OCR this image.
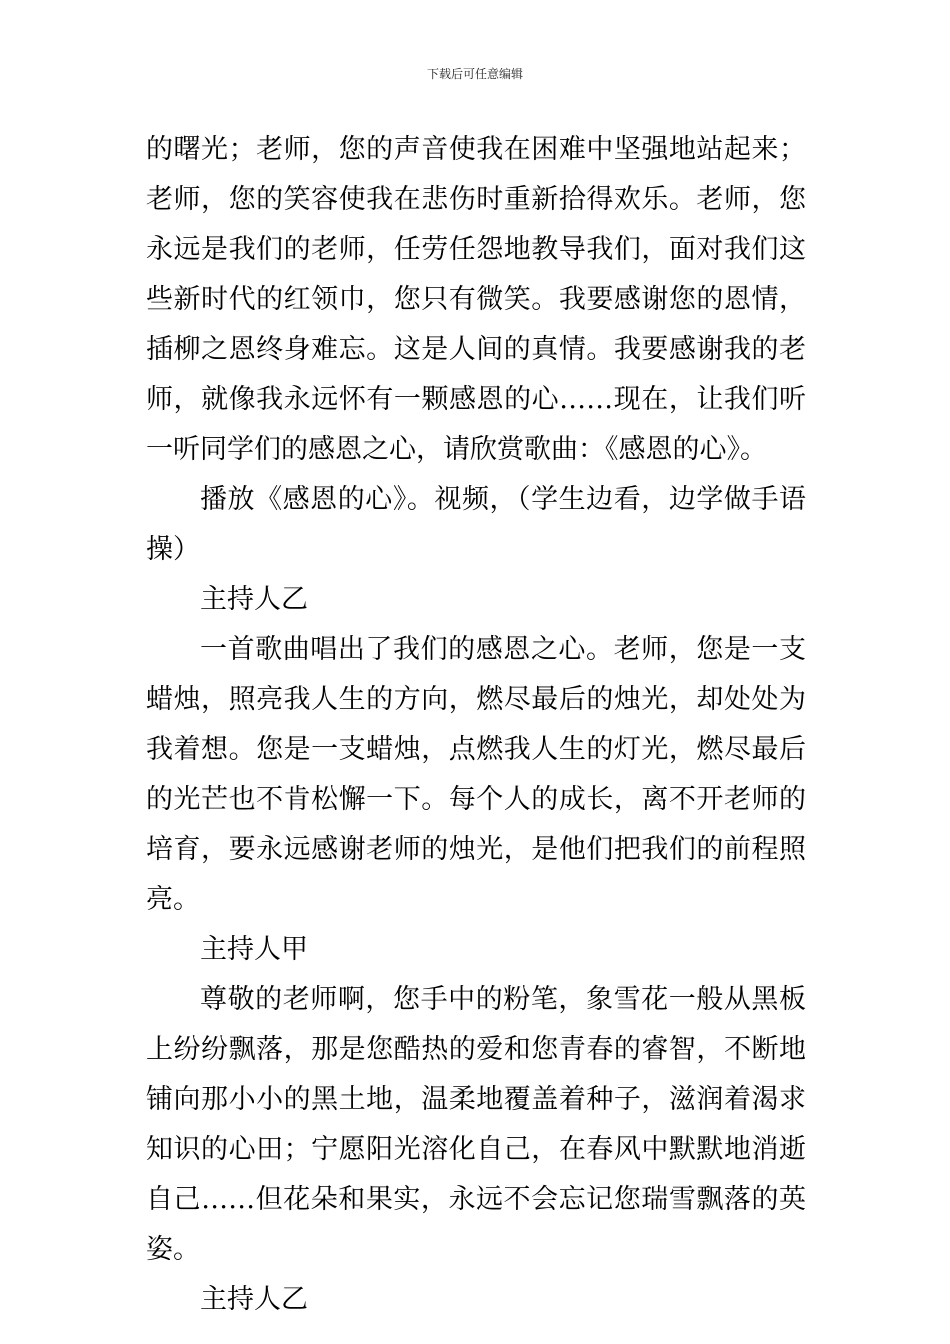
下载后可任意编辑

的曙光；老师，您的声音使我在困难中坚强地站起来；老师，您的笑容使我在悲伤时重新拾得欢乐。老师，您永远是我们的老师，任劳任怨地教导我们，面对我们这些新时代的红领巾，您只有微笑。我要感谢您的恩情，插柳之恩终身难忘。这是人间的真情。我要感谢我的老师，就像我永远怀有一颗感恩的心……现在，让我们听一听同学们的感恩之心，请欣赏歌曲：《感恩的心》。

播放《感恩的心》。视频，（学生边看，边学做手语操）

主持人乙

一首歌曲唱出了我们的感恩之心。老师，您是一支蜡烛，照亮我人生的方向，燃尽最后的烛光，却处处为我着想。您是一支蜡烛，点燃我人生的灯光，燃尽最后的光芒也不肯松懈一下。每个人的成长，离不开老师的培育，要永远感谢老师的烛光，是他们把我们的前程照亮。

主持人甲

尊敬的老师啊，您手中的粉笔，象雪花一般从黑板上纷纷飘落，那是您酷热的爱和您青春的睿智，不断地铺向那小小的黑土地，温柔地覆盖着种子，滋润着渴求知识的心田；宁愿阳光溶化自己，在春风中默默地消逝自己……但花朵和果实，永远不会忘记您瑞雪飘落的英姿。

主持人乙
